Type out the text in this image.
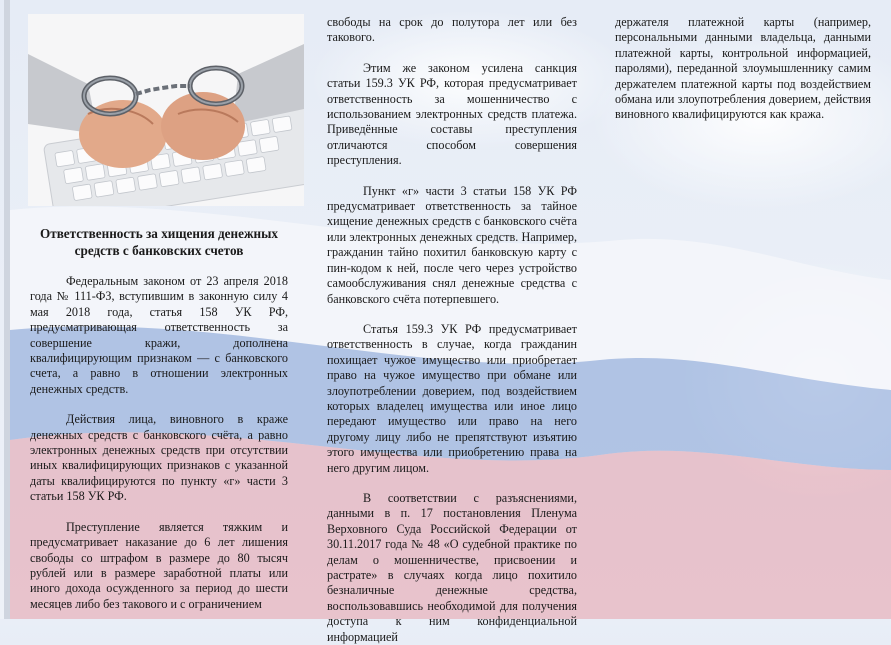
Ответственность за хищения денежных средств с банковских счетов

Федеральным законом от 23 апреля 2018 года № 111-ФЗ, вступившим в законную силу 4 мая 2018 года, статья 158 УК РФ, предусматривающая ответственность за совершение кражи, дополнена квалифицирующим признаком — с банковского счета, а равно в отношении электронных денежных средств.

Действия лица, виновного в краже денежных средств с банковского счёта, а равно электронных денежных средств при отсутствии иных квалифицирующих признаков с указанной даты квалифицируются по пункту «г» части 3 статьи 158 УК РФ.

Преступление является тяжким и предусматривает наказание до 6 лет лишения свободы со штрафом в размере до 80 тысяч рублей или в размере заработной платы или иного дохода осужденного за период до шести месяцев либо без такового и с ограничением

свободы на срок до полутора лет или без такового.

Этим же законом усилена санкция статьи 159.3 УК РФ, которая предусматривает ответственность за мошенничество с использованием электронных средств платежа. Приведённые составы преступления отличаются способом совершения преступления.

Пункт «г» части 3 статьи 158 УК РФ предусматривает ответственность за тайное хищение денежных средств с банковского счёта или электронных денежных средств. Например, гражданин тайно похитил банковскую карту с пин-кодом к ней, после чего через устройство самообслуживания снял денежные средства с банковского счёта потерпевшего.

Статья 159.3 УК РФ предусматривает ответственность в случае, когда гражданин похищает чужое имущество или приобретает право на чужое имущество при обмане или злоупотреблении доверием, под воздействием которых владелец имущества или иное лицо передают имущество или право на него другому лицу либо не препятствуют изъятию этого имущества или приобретению права на него другим лицом.

В соответствии с разъяснениями, данными в п. 17 постановления Пленума Верховного Суда Российской Федерации от 30.11.2017 года № 48 «О судебной практике по делам о мошенничестве, присвоении и растрате» в случаях когда лицо похитило безналичные денежные средства, воспользовавшись необходимой для получения доступа к ним конфиденциальной информацией

держателя платежной карты (например, персональными данными владельца, данными платежной карты, контрольной информацией, паролями), переданной злоумышленнику самим держателем платежной карты под воздействием обмана или злоупотребления доверием, действия виновного квалифицируются как кража.
